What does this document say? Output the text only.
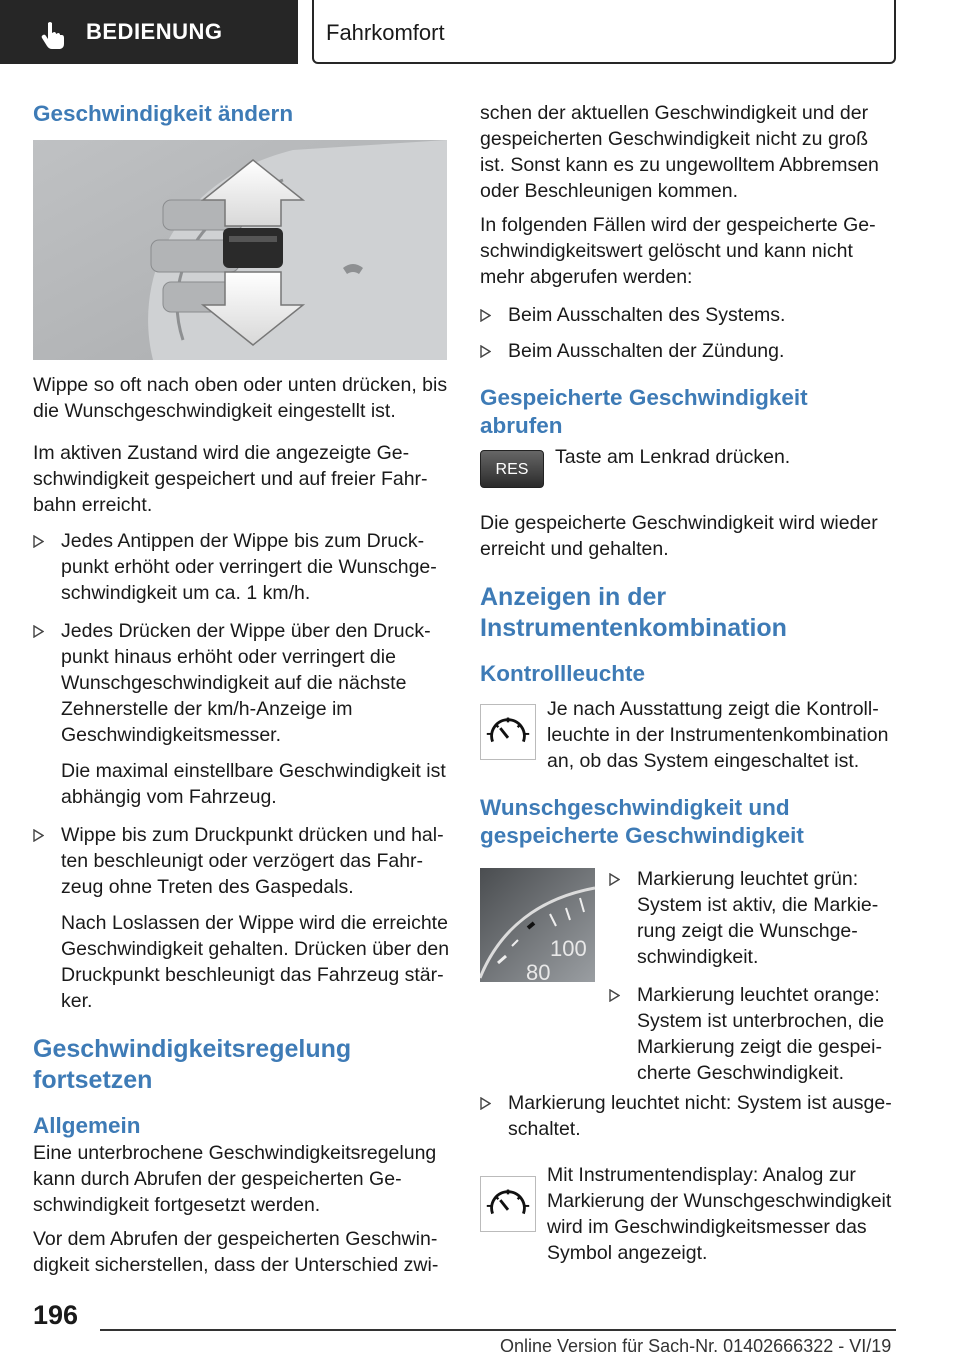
BEDIENUNG	Fahrkomfort
Geschwindigkeit ändern

Wippe so oft nach oben oder unten drücken, bis die Wunschgeschwindigkeit eingestellt ist.

Im aktiven Zustand wird die angezeigte Geschwindigkeit gespeichert und auf freier Fahrbahn erreicht.

Jedes Antippen der Wippe bis zum Druckpunkt erhöht oder verringert die Wunschgeschwindigkeit um ca. 1 km/h.

Jedes Drücken der Wippe über den Druckpunkt hinaus erhöht oder verringert die Wunschgeschwindigkeit auf die nächste Zehnerstelle der km/h-Anzeige im Geschwindigkeitsmesser.

Die maximal einstellbare Geschwindigkeit ist abhängig vom Fahrzeug.

Wippe bis zum Druckpunkt drücken und halten beschleunigt oder verzögert das Fahrzeug ohne Treten des Gaspedals.

Nach Loslassen der Wippe wird die erreichte Geschwindigkeit gehalten. Drücken über den Druckpunkt beschleunigt das Fahrzeug stärker.

Geschwindigkeitsregelung fortsetzen
Allgemein

Eine unterbrochene Geschwindigkeitsregelung kann durch Abrufen der gespeicherten Geschwindigkeit fortgesetzt werden.

Vor dem Abrufen der gespeicherten Geschwindigkeit sicherstellen, dass der Unterschied zwi-

schen der aktuellen Geschwindigkeit und der gespeicherten Geschwindigkeit nicht zu groß ist. Sonst kann es zu ungewolltem Abbremsen oder Beschleunigen kommen.

In folgenden Fällen wird der gespeicherte Geschwindigkeitswert gelöscht und kann nicht mehr abgerufen werden:

Beim Ausschalten des Systems.

Beim Ausschalten der Zündung.

Gespeicherte Geschwindigkeit abrufen
RES

Taste am Lenkrad drücken.

Die gespeicherte Geschwindigkeit wird wieder erreicht und gehalten.

Anzeigen in der Instrumentenkombination
Kontrollleuchte

Je nach Ausstattung zeigt die Kontrollleuchte in der Instrumentenkombination an, ob das System eingeschaltet ist.

Wunschgeschwindigkeit und gespeicherte Geschwindigkeit
100
80

Markierung leuchtet grün: System ist aktiv, die Markierung zeigt die Wunschgeschwindigkeit.

Markierung leuchtet orange: System ist unterbrochen, die Markierung zeigt die gespeicherte Geschwindigkeit.

Markierung leuchtet nicht: System ist ausgeschaltet.

Mit Instrumentendisplay: Analog zur Markierung der Wunschgeschwindigkeit wird im Geschwindigkeitsmesser das Symbol angezeigt.

196
Online Version für Sach-Nr. 01402666322 - VI/19
